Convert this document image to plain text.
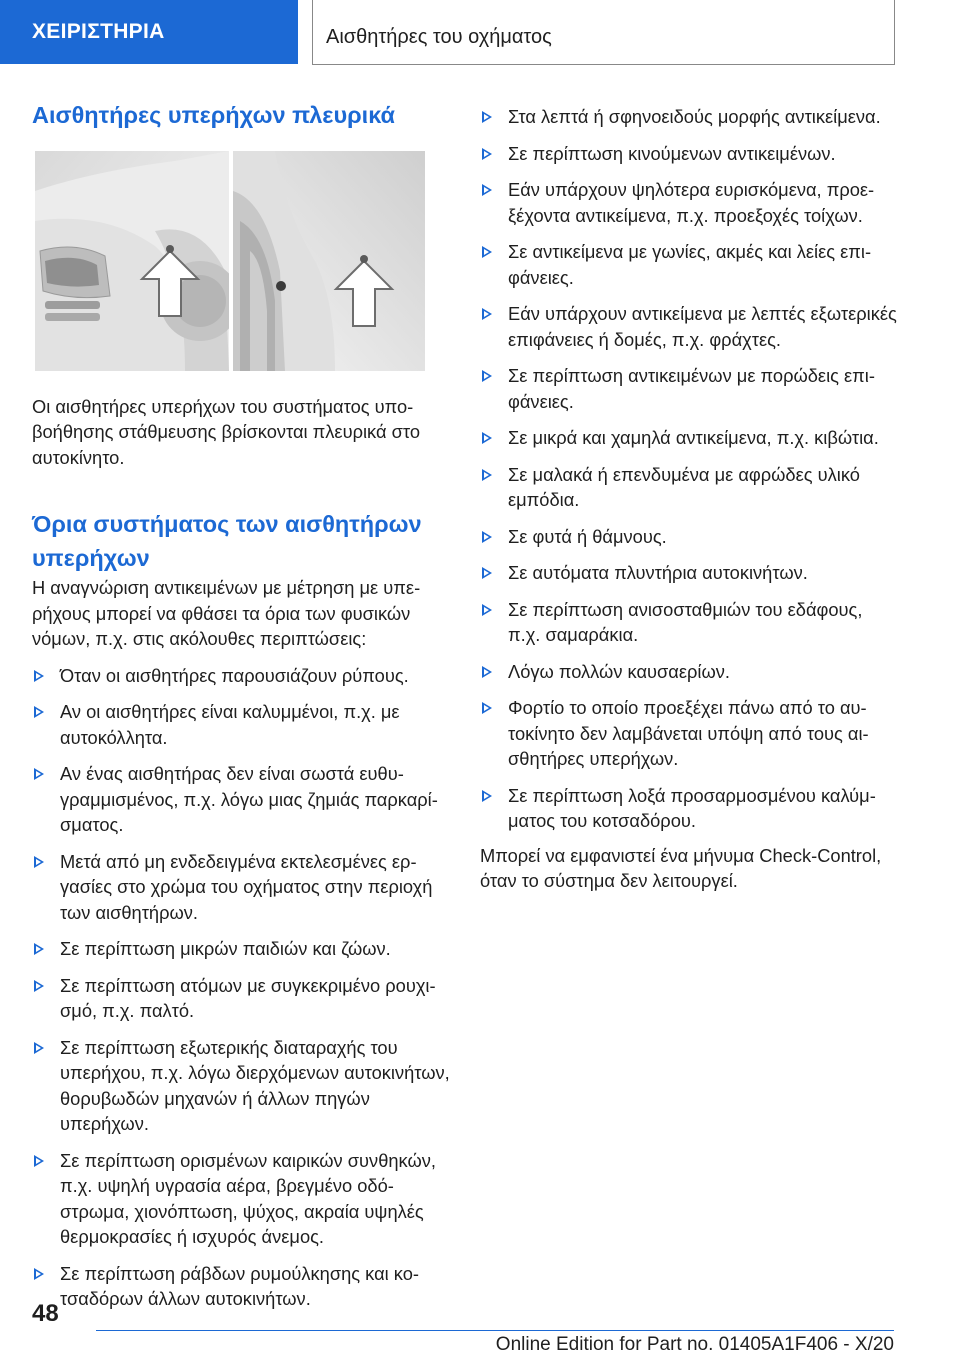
ΧΕΙΡΙΣΤΗΡΙΑ	Αισθητήρες του οχήματος
Αισθητήρες υπερήχων πλευρικά

Οι αισθητήρες υπερήχων του συστήματος υποβοήθησης στάθμευσης βρίσκονται πλευρικά στο αυτοκίνητο.

Όρια συστήματος των αισθητήρων υπερήχων

Η αναγνώριση αντικειμένων με μέτρηση με υπερήχους μπορεί να φθάσει τα όρια των φυσικών νόμων, π.χ. στις ακόλουθες περιπτώσεις:

Όταν οι αισθητήρες παρουσιάζουν ρύπους.
Αν οι αισθητήρες είναι καλυμμένοι, π.χ. με αυτοκόλλητα.
Αν ένας αισθητήρας δεν είναι σωστά ευθυγραμμισμένος, π.χ. λόγω μιας ζημιάς παρκαρίσματος.
Μετά από μη ενδεδειγμένα εκτελεσμένες εργασίες στο χρώμα του οχήματος στην περιοχή των αισθητήρων.
Σε περίπτωση μικρών παιδιών και ζώων.
Σε περίπτωση ατόμων με συγκεκριμένο ρουχισμό, π.χ. παλτό.
Σε περίπτωση εξωτερικής διαταραχής του υπερήχου, π.χ. λόγω διερχόμενων αυτοκινήτων, θορυβωδών μηχανών ή άλλων πηγών υπερήχων.
Σε περίπτωση ορισμένων καιρικών συνθηκών, π.χ. υψηλή υγρασία αέρα, βρεγμένο οδόστρωμα, χιονόπτωση, ψύχος, ακραία υψηλές θερμοκρασίες ή ισχυρός άνεμος.
Σε περίπτωση ράβδων ρυμούλκησης και κοτσαδόρων άλλων αυτοκινήτων.
Στα λεπτά ή σφηνοειδούς μορφής αντικείμενα.
Σε περίπτωση κινούμενων αντικειμένων.
Εάν υπάρχουν ψηλότερα ευρισκόμενα, προεξέχοντα αντικείμενα, π.χ. προεξοχές τοίχων.
Σε αντικείμενα με γωνίες, ακμές και λείες επιφάνειες.
Εάν υπάρχουν αντικείμενα με λεπτές εξωτερικές επιφάνειες ή δομές, π.χ. φράχτες.
Σε περίπτωση αντικειμένων με πορώδεις επιφάνειες.
Σε μικρά και χαμηλά αντικείμενα, π.χ. κιβώτια.
Σε μαλακά ή επενδυμένα με αφρώδες υλικό εμπόδια.
Σε φυτά ή θάμνους.
Σε αυτόματα πλυντήρια αυτοκινήτων.
Σε περίπτωση ανισοσταθμιών του εδάφους, π.χ. σαμαράκια.
Λόγω πολλών καυσαερίων.
Φορτίο το οποίο προεξέχει πάνω από το αυτοκίνητο δεν λαμβάνεται υπόψη από τους αισθητήρες υπερήχων.
Σε περίπτωση λοξά προσαρμοσμένου καλύμματος του κοτσαδόρου.

Μπορεί να εμφανιστεί ένα μήνυμα Check-Control, όταν το σύστημα δεν λειτουργεί.

48
Online Edition for Part no. 01405A1F406 - X/20
